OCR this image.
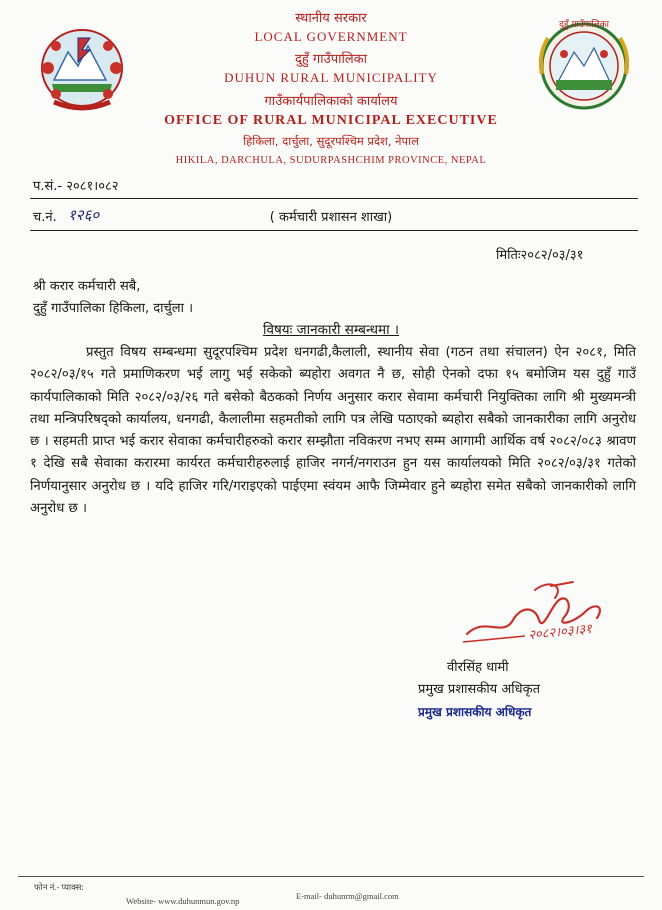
दुहुँ गाउँपालिका
स्थानीय सरकार
LOCAL GOVERNMENT
दुहुँ गाउँपालिका
DUHUN RURAL MUNICIPALITY
गाउँकार्यपालिकाको कार्यालय
OFFICE OF RURAL MUNICIPAL EXECUTIVE
हिकिला, दार्चुला, सुदूरपश्चिम प्रदेश, नेपाल
HIKILA, DARCHULA, SUDURPASHCHIM PROVINCE, NEPAL
प.सं.- २०८१।०८२
च.नं. १२६०	( कर्मचारी प्रशासन शाखा)
मितिः२०८२/०३/३१
श्री करार कर्मचारी सबै,
दुहुँ गाउँपालिका हिकिला, दार्चुला ।
विषयः जानकारी सम्बन्धमा ।

प्रस्तुत विषय सम्बन्धमा सुदूरपश्चिम प्रदेश धनगढी,कैलाली, स्थानीय सेवा (गठन तथा संचालन) ऐन २०८१, मिति २०८२/०३/१५ गते प्रमाणिकरण भई लागु भई सकेको ब्यहोरा अवगत नै छ, सोही ऐनको दफा १५ बमोजिम यस दुहुँ गाउँ कार्यपालिकाको मिति २०८२/०३/२६ गते बसेको बैठकको निर्णय अनुसार करार सेवामा कर्मचारी नियुक्तिका लागि श्री मुख्यमन्त्री तथा मन्त्रिपरिषद्को कार्यालय, धनगढी, कैलालीमा सहमतीको लागि पत्र लेखि पठाएको ब्यहोरा सबैको जानकारीका लागि अनुरोध छ । सहमती प्राप्त भई करार सेवाका कर्मचारीहरुको करार सम्झौता नविकरण नभए सम्म आगामी आर्थिक वर्ष २०८२/०८३ श्रावण १ देखि सबै सेवाका करारमा कार्यरत कर्मचारीहरुलाई हाजिर नगर्न/नगराउन हुन यस कार्यालयको मिति २०८२/०३/३१ गतेको निर्णयानुसार अनुरोध छ । यदि हाजिर गरि/गराइएको पाईएमा स्वंयम आफै जिम्मेवार हुने ब्यहोरा समेत सबैको जानकारीको लागि अनुरोध छ ।

२०८२।०३।३१
वीरसिंह धामी
प्रमुख प्रशासकीय अधिकृत
प्रमुख प्रशासकीय अधिकृत
फोन नं.- प्याक्स:
Website- www.duhunmun.gov.np	E-mail- duhunrm@gmail.com
